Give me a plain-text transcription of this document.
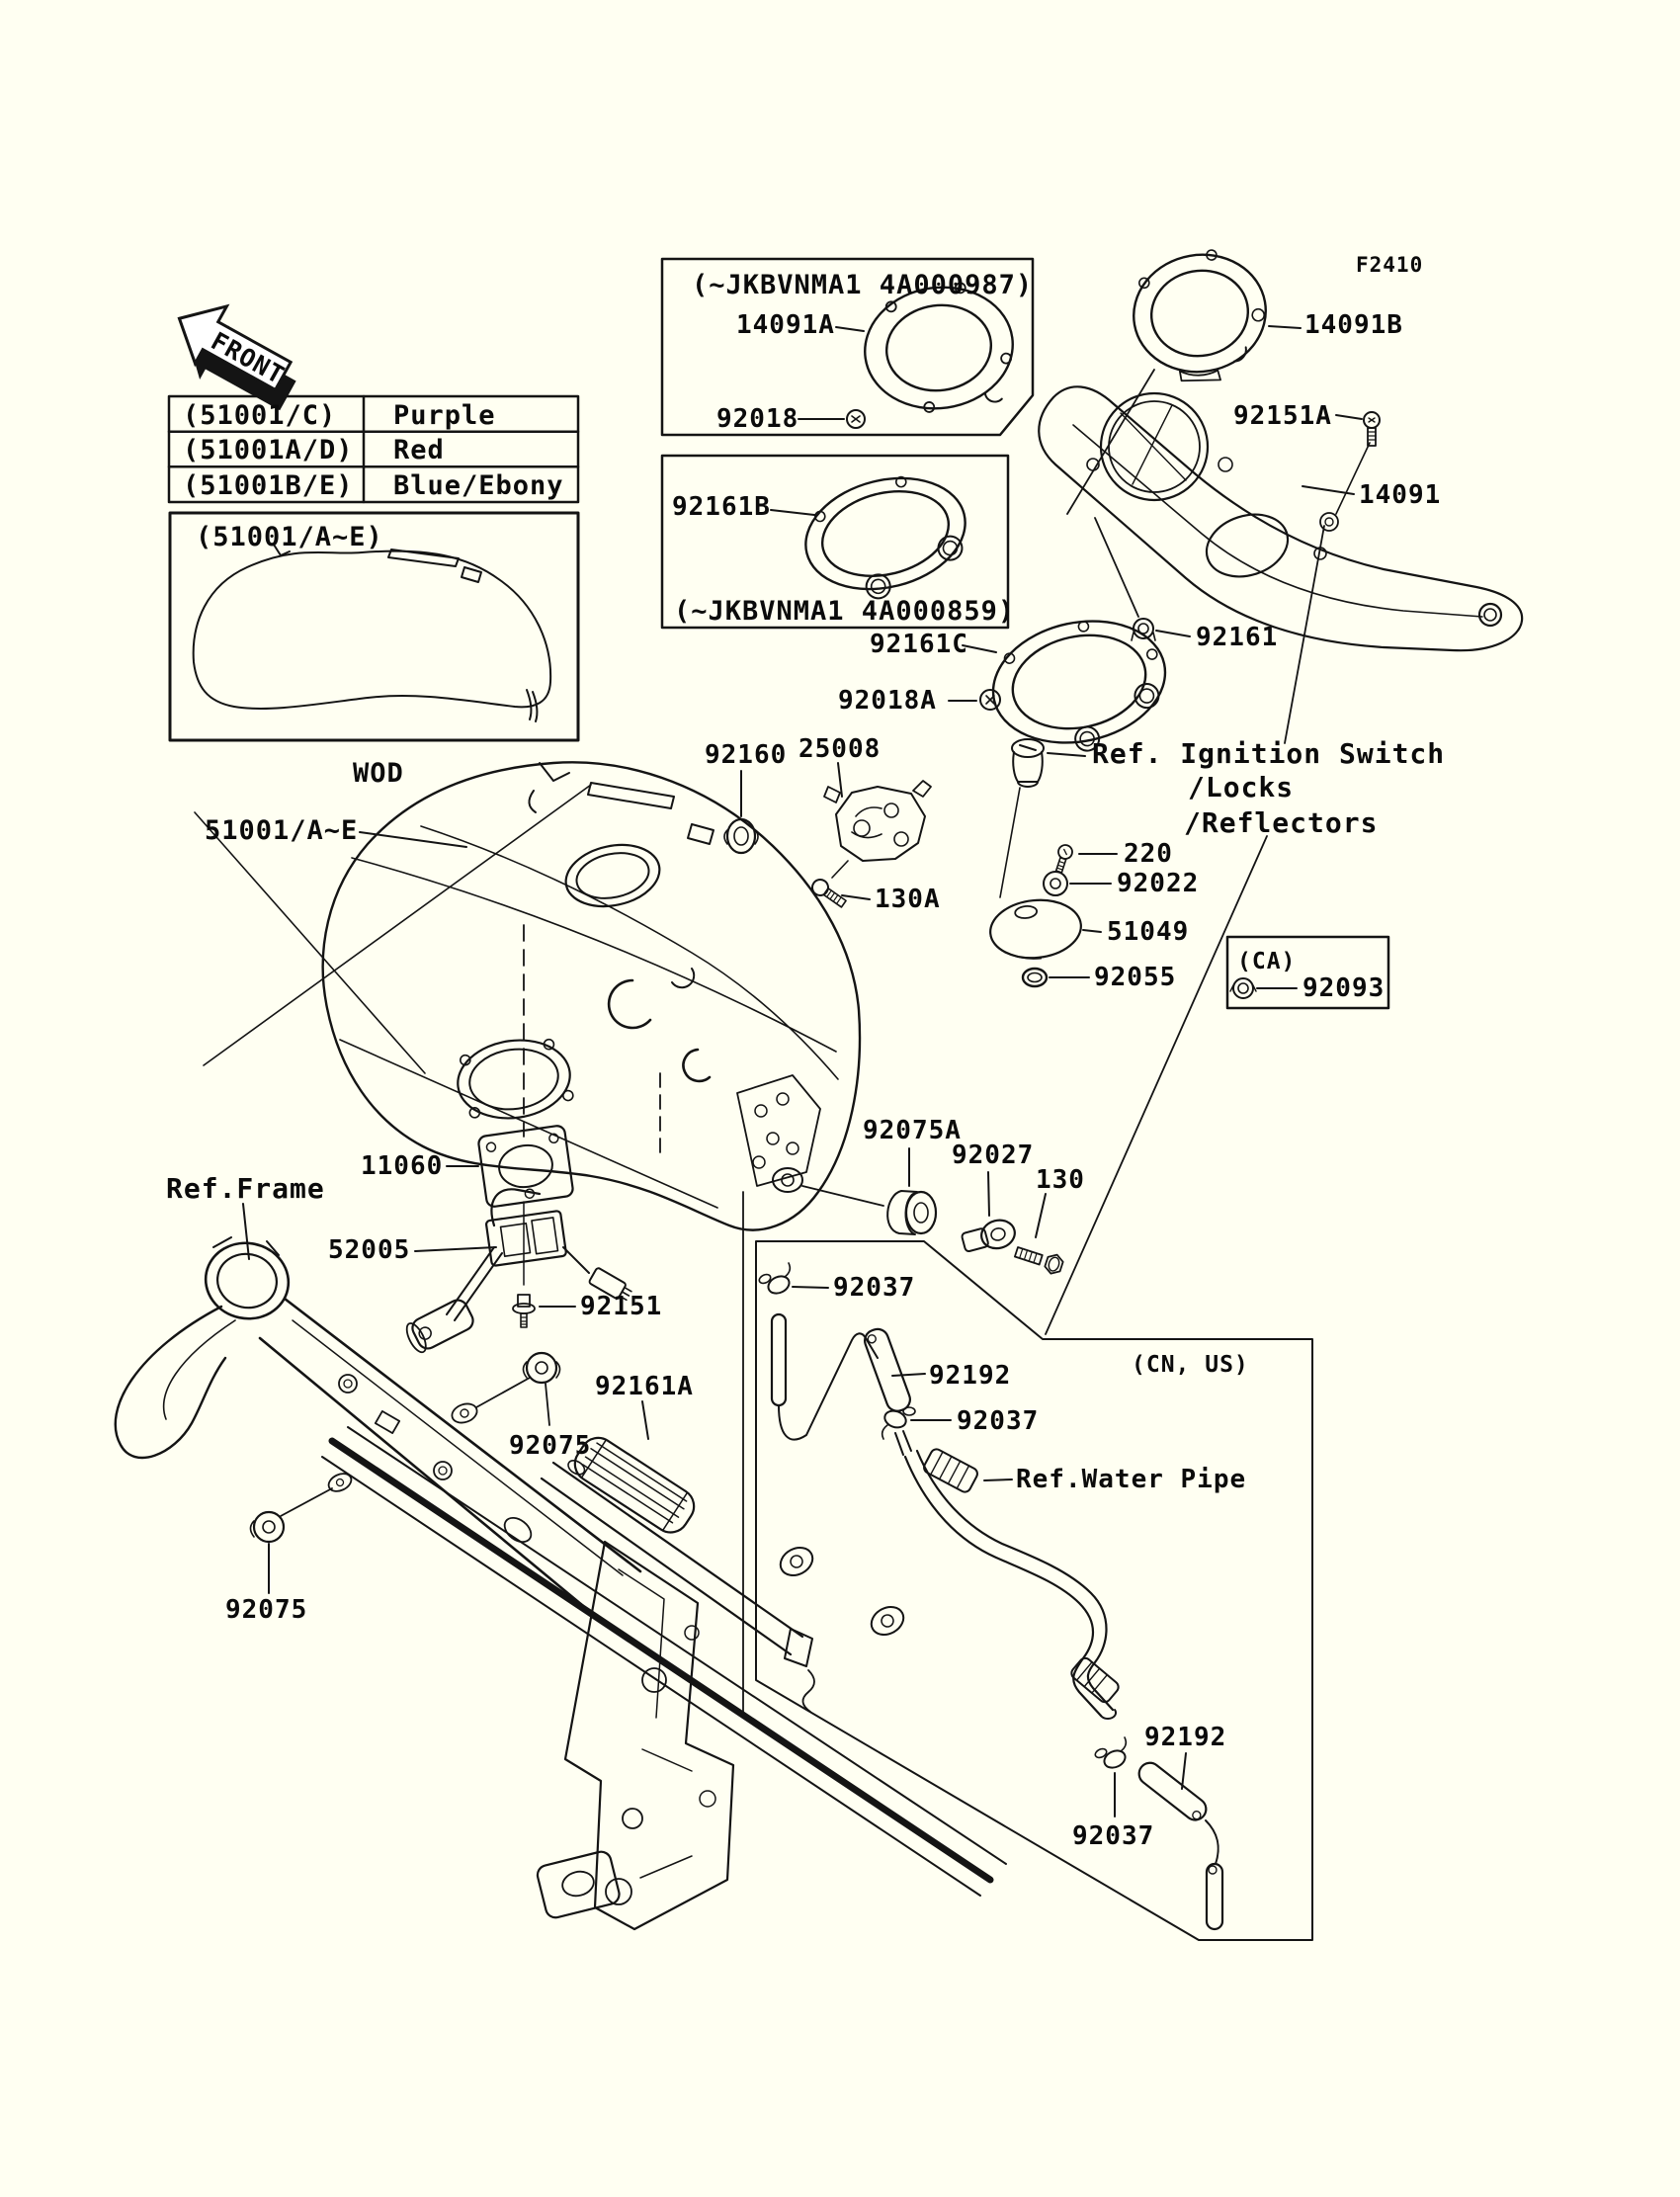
FRONT
F2410
(51001/C) Purple
(51001A/D) Red
(51001B/E) Blue/Ebony
(51001/A~E)
WOD
(~JKBVNMA1 4A000987)
14091A
92018
92161B
(~JKBVNMA1 4A000859)
92161C
92018A
92161
14091B
92151A
14091
Ref. Ignition Switch
/Locks
/Reflectors
220
92022
51049
92055
(CA)
92093
51001/A~E
92160 25008
130A
11060
52005
92151
92075
92161A
92075A
92027
130
Ref.Frame
92075
(CN, US)
92037
92192
92037
Ref.Water Pipe
92037
92192
